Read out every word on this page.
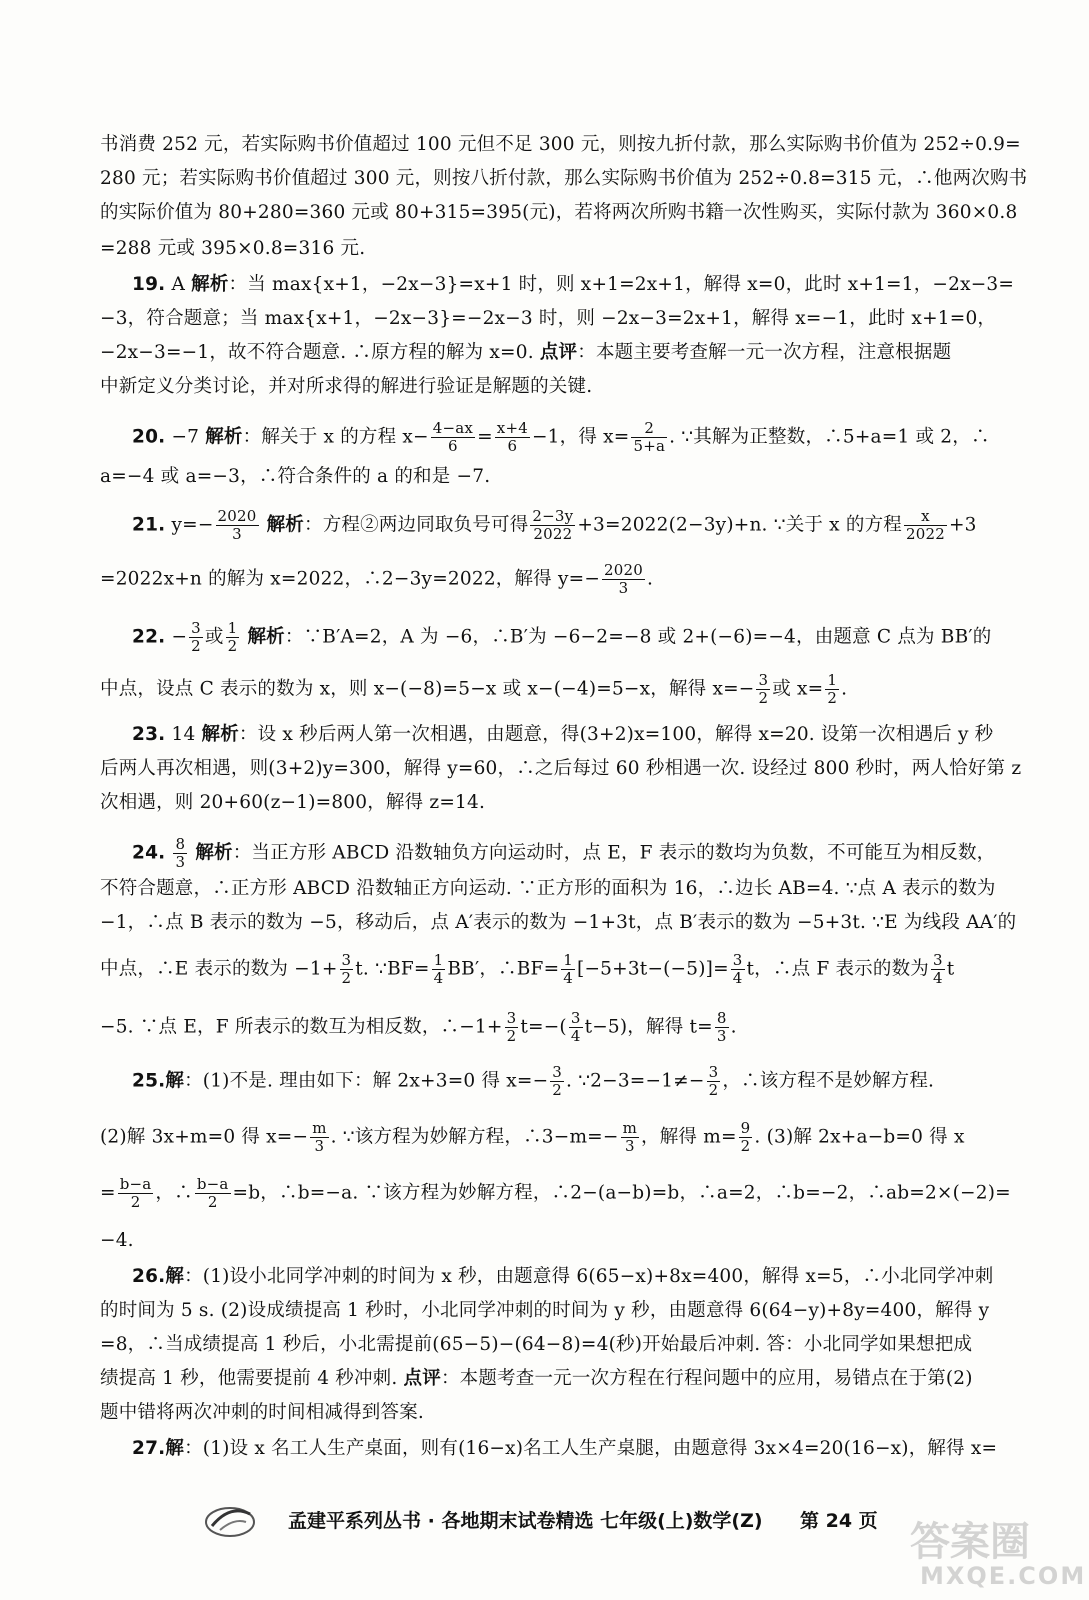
书消费 252 元，若实际购书价值超过 100 元但不足 300 元，则按九折付款，那么实际购书价值为 252÷0.9=
280 元；若实际购书价值超过 300 元，则按八折付款，那么实际购书价值为 252÷0.8=315 元，∴他两次购书
的实际价值为 80+280=360 元或 80+315=395(元)，若将两次所购书籍一次性购买，实际付款为 360×0.8
=288 元或 395×0.8=316 元.
19. A 解析：当 max{x+1，−2x−3}=x+1 时，则 x+1=2x+1，解得 x=0，此时 x+1=1，−2x−3=
−3，符合题意；当 max{x+1，−2x−3}=−2x−3 时，则 −2x−3=2x+1，解得 x=−1，此时 x+1=0，
−2x−3=−1，故不符合题意. ∴原方程的解为 x=0. 点评：本题主要考查解一元一次方程，注意根据题
中新定义分类讨论，并对所求得的解进行验证是解题的关键.
20. −7 解析：解关于 x 的方程 $x- \frac{4-ax}{6} = \frac{x+4}{6} -1$，得 $x= \frac{2}{5+a}$ . ∵其解为正整数，∴5+a=1 或 2，∴
a=−4 或 a=−3，∴符合条件的 a 的和是 −7.
21. $y=- \frac{2020}{3}$ 解析：方程②两边同取负号可得 $\frac{2-3y}{2022} +3=2022(2-3y)+n$. ∵关于 x 的方程 $\frac{x}{2022} +3$
=2022x+n 的解为 x=2022，∴2−3y=2022，解得 $y=- \frac{2020}{3}$ .
22. − $\frac{3}{2}$ 或 $\frac{1}{2}$ 解析：∵B′A=2，A 为 −6，∴B′为 −6−2=−8 或 2+(−6)=−4，由题意 C 点为 BB′的
中点，设点 C 表示的数为 x，则 x−(−8)=5−x 或 x−(−4)=5−x，解得 $x=- \frac{3}{2}$ 或 $x= \frac{1}{2}$ .
23. 14 解析：设 x 秒后两人第一次相遇，由题意，得(3+2)x=100，解得 x=20. 设第一次相遇后 y 秒
后两人再次相遇，则(3+2)y=300，解得 y=60，∴之后每过 60 秒相遇一次. 设经过 800 秒时，两人恰好第 z
次相遇，则 20+60(z−1)=800，解得 z=14.
24. $\frac{8}{3}$ 解析：当正方形 ABCD 沿数轴负方向运动时，点 E，F 表示的数均为负数，不可能互为相反数，
不符合题意，∴正方形 ABCD 沿数轴正方向运动. ∵正方形的面积为 16，∴边长 AB=4. ∵点 A 表示的数为
−1，∴点 B 表示的数为 −5，移动后，点 A′表示的数为 −1+3t，点 B′表示的数为 −5+3t. ∵E 为线段 AA′的
中点，∴E 表示的数为 $-1+ \frac{3}{2} t$. ∵BF= $\frac{1}{4} BB'$，∴BF= $\frac{1}{4} [-5+3t-(-5)]= \frac{3}{4}$ t，∴点 F 表示的数为 $\frac{3}{4}$ t
−5. ∵点 E，F 所表示的数互为相反数，∴−1+ $\frac{3}{2} t=-( \frac{3}{4} t-5)$，解得 $t= \frac{8}{3}$ .
25.解：(1)不是. 理由如下：解 2x+3=0 得 $x=- \frac{3}{2}$ . ∵2−3=−1≠− $\frac{3}{2}$ ，∴该方程不是妙解方程.
(2)解 3x+m=0 得 $x=- \frac{m}{3}$ . ∵该方程为妙解方程，∴3−m=− $\frac{m}{3}$ ，解得 $m= \frac{9}{2}$ . (3)解 2x+a−b=0 得 x
= $\frac{b-a}{2}$ ，∴ $\frac{b-a}{2} =b$，∴b=−a. ∵该方程为妙解方程，∴2−(a−b)=b，∴a=2，∴b=−2，∴ab=2×(−2)=
−4.
26.解：(1)设小北同学冲刺的时间为 x 秒，由题意得 6(65−x)+8x=400，解得 x=5，∴小北同学冲刺
的时间为 5 s. (2)设成绩提高 1 秒时，小北同学冲刺的时间为 y 秒，由题意得 6(64−y)+8y=400，解得 y
=8，∴当成绩提高 1 秒后，小北需提前(65−5)−(64−8)=4(秒)开始最后冲刺. 答：小北同学如果想把成
绩提高 1 秒，他需要提前 4 秒冲刺. 点评：本题考查一元一次方程在行程问题中的应用，易错点在于第(2)
题中错将两次冲刺的时间相减得到答案.
27.解：(1)设 x 名工人生产桌面，则有(16−x)名工人生产桌腿，由题意得 3x×4=20(16−x)，解得 x=
孟建平系列丛书 · 各地期末试卷精选 七年级(上)数学(Z) 第 24 页 答案圈
MXQE.COM
